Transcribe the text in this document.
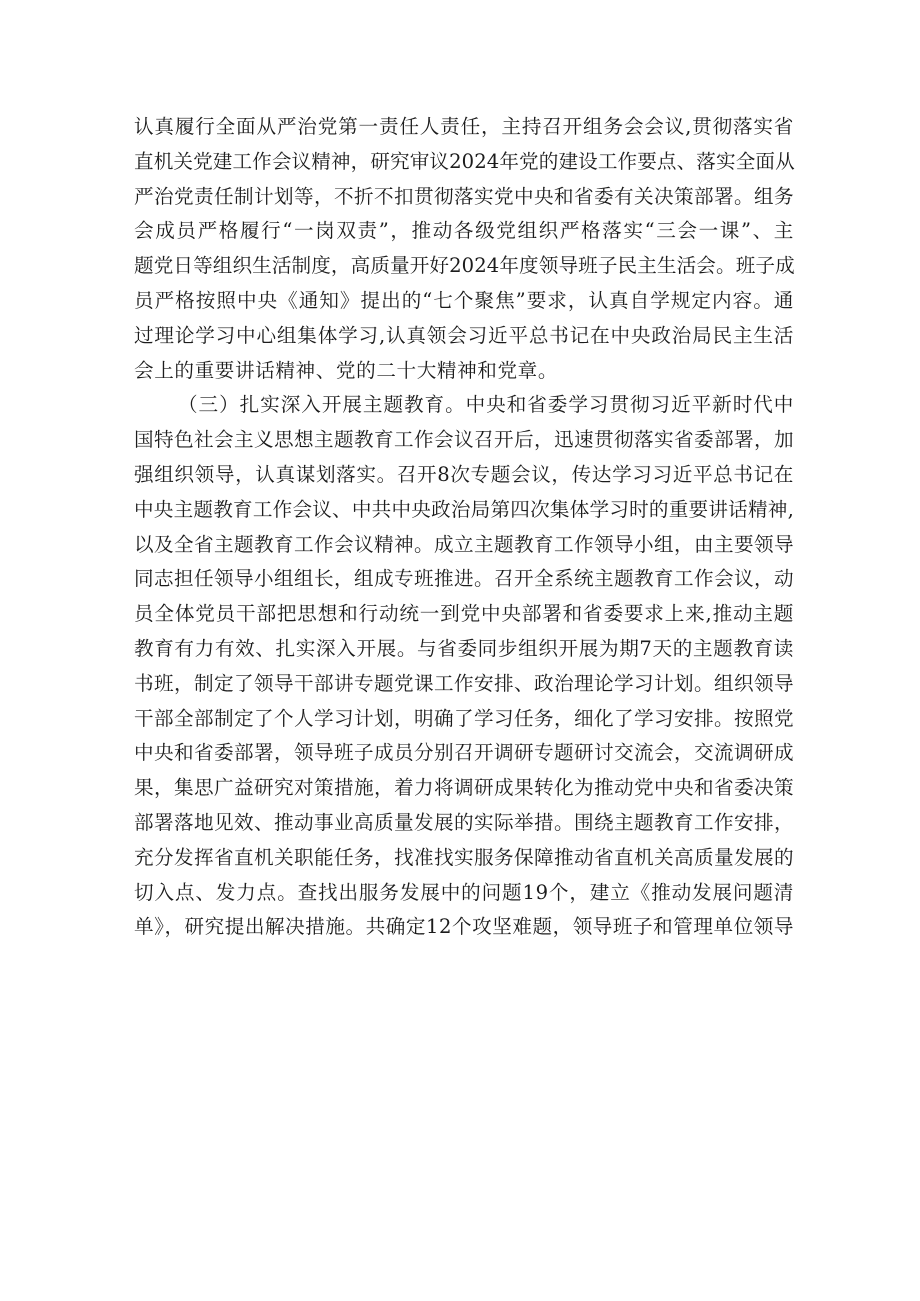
认真履行全面从严治党第一责任人责任，主持召开组务会会议,贯彻落实省
直机关党建工作会议精神，研究审议2024年党的建设工作要点、落实全面从
严治党责任制计划等，不折不扣贯彻落实党中央和省委有关决策部署。组务
会成员严格履行“一岗双责”，推动各级党组织严格落实“三会一课”、主
题党日等组织生活制度，高质量开好2024年度领导班子民主生活会。班子成
员严格按照中央《通知》提出的“七个聚焦”要求，认真自学规定内容。通
过理论学习中心组集体学习,认真领会习近平总书记在中央政治局民主生活
会上的重要讲话精神、党的二十大精神和党章。
（三）扎实深入开展主题教育。中央和省委学习贯彻习近平新时代中
国特色社会主义思想主题教育工作会议召开后，迅速贯彻落实省委部署，加
强组织领导，认真谋划落实。召开8次专题会议，传达学习习近平总书记在
中央主题教育工作会议、中共中央政治局第四次集体学习时的重要讲话精神,
以及全省主题教育工作会议精神。成立主题教育工作领导小组，由主要领导
同志担任领导小组组长，组成专班推进。召开全系统主题教育工作会议，动
员全体党员干部把思想和行动统一到党中央部署和省委要求上来,推动主题
教育有力有效、扎实深入开展。与省委同步组织开展为期7天的主题教育读
书班，制定了领导干部讲专题党课工作安排、政治理论学习计划。组织领导
干部全部制定了个人学习计划，明确了学习任务，细化了学习安排。按照党
中央和省委部署，领导班子成员分别召开调研专题研讨交流会，交流调研成
果，集思广益研究对策措施，着力将调研成果转化为推动党中央和省委决策
部署落地见效、推动事业高质量发展的实际举措。围绕主题教育工作安排，
充分发挥省直机关职能任务，找准找实服务保障推动省直机关高质量发展的
切入点、发力点。查找出服务发展中的问题19个，建立《推动发展问题清
单》，研究提出解决措施。共确定12个攻坚难题，领导班子和管理单位领导
